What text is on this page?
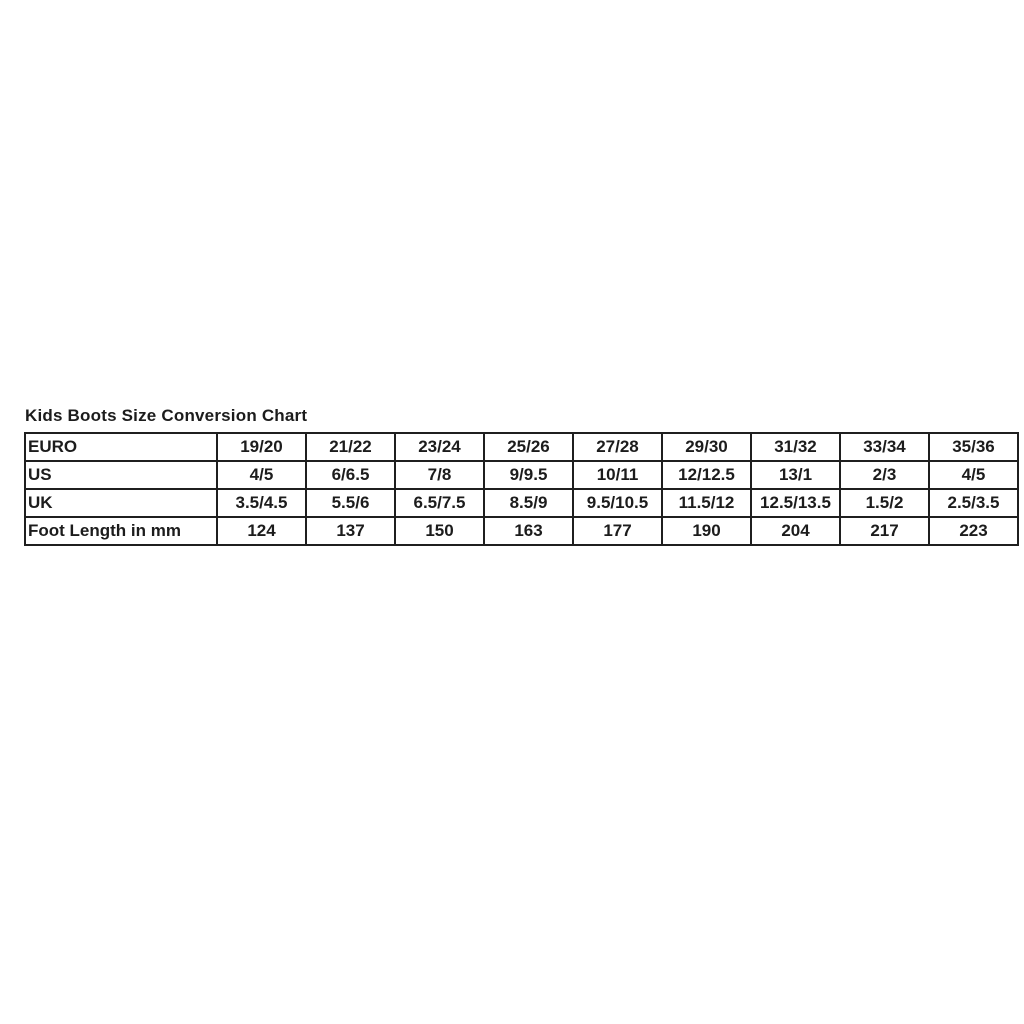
Kids Boots Size Conversion Chart
EURO	19/20	21/22	23/24	25/26	27/28	29/30	31/32	33/34	35/36
US	4/5	6/6.5	7/8	9/9.5	10/11	12/12.5	13/1	2/3	4/5
UK	3.5/4.5	5.5/6	6.5/7.5	8.5/9	9.5/10.5	11.5/12	12.5/13.5	1.5/2	2.5/3.5
Foot Length in mm	124	137	150	163	177	190	204	217	223
